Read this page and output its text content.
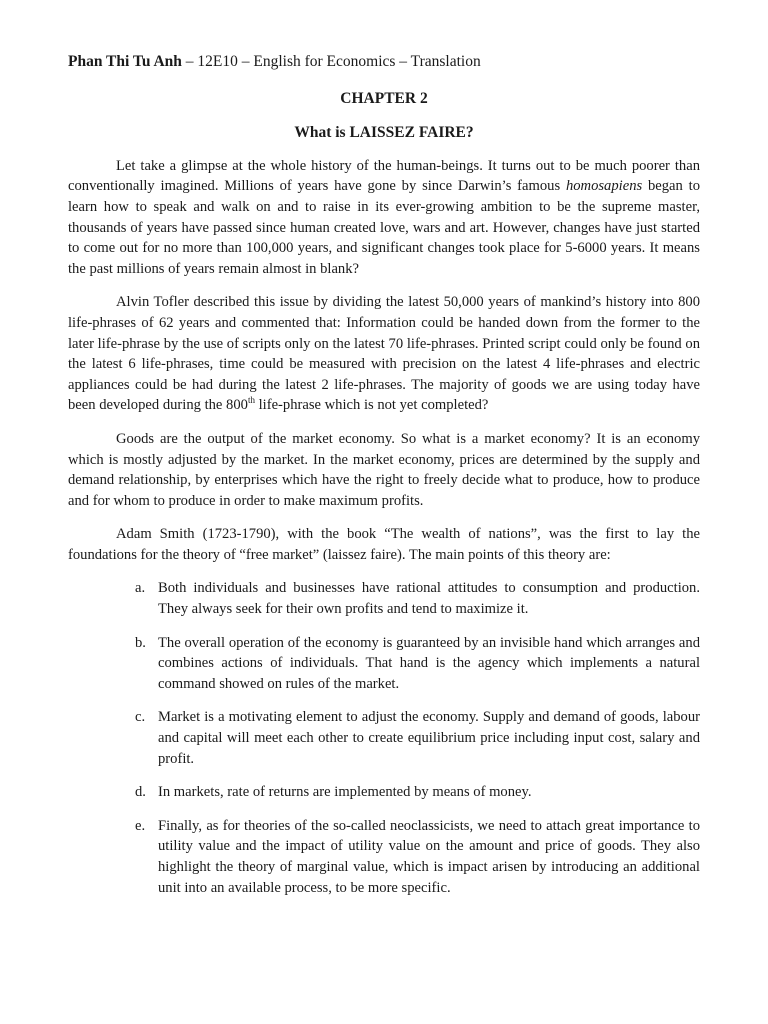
Phan Thi Tu Anh – 12E10 – English for Economics – Translation
CHAPTER 2
What is LAISSEZ FAIRE?

Let take a glimpse at the whole history of the human-beings. It turns out to be much poorer than conventionally imagined. Millions of years have gone by since Darwin’s famous homosapiens began to learn how to speak and walk on and to raise in its ever-growing ambition to be the supreme master, thousands of years have passed since human created love, wars and art. However, changes have just started to come out for no more than 100,000 years, and significant changes took place for 5-6000 years. It means the past millions of years remain almost in blank?

Alvin Tofler described this issue by dividing the latest 50,000 years of mankind’s history into 800 life-phrases of 62 years and commented that: Information could be handed down from the former to the later life-phrase by the use of scripts only on the latest 70 life-phrases. Printed script could only be found on the latest 6 life-phrases, time could be measured with precision on the latest 4 life-phrases and electric appliances could be had during the latest 2 life-phrases. The majority of goods we are using today have been developed during the 800th life-phrase which is not yet completed?

Goods are the output of the market economy. So what is a market economy? It is an economy which is mostly adjusted by the market. In the market economy, prices are determined by the supply and demand relationship, by enterprises which have the right to freely decide what to produce, how to produce and for whom to produce in order to make maximum profits.

Adam Smith (1723-1790), with the book “The wealth of nations”, was the first to lay the foundations for the theory of “free market” (laissez faire). The main points of this theory are:

a. Both individuals and businesses have rational attitudes to consumption and production. They always seek for their own profits and tend to maximize it.
b. The overall operation of the economy is guaranteed by an invisible hand which arranges and combines actions of individuals. That hand is the agency which implements a natural command showed on rules of the market.
c. Market is a motivating element to adjust the economy. Supply and demand of goods, labour and capital will meet each other to create equilibrium price including input cost, salary and profit.
d. In markets, rate of returns are implemented by means of money.
e. Finally, as for theories of the so-called neoclassicists, we need to attach great importance to utility value and the impact of utility value on the amount and price of goods. They also highlight the theory of marginal value, which is impact arisen by introducing an additional unit into an available process, to be more specific.
